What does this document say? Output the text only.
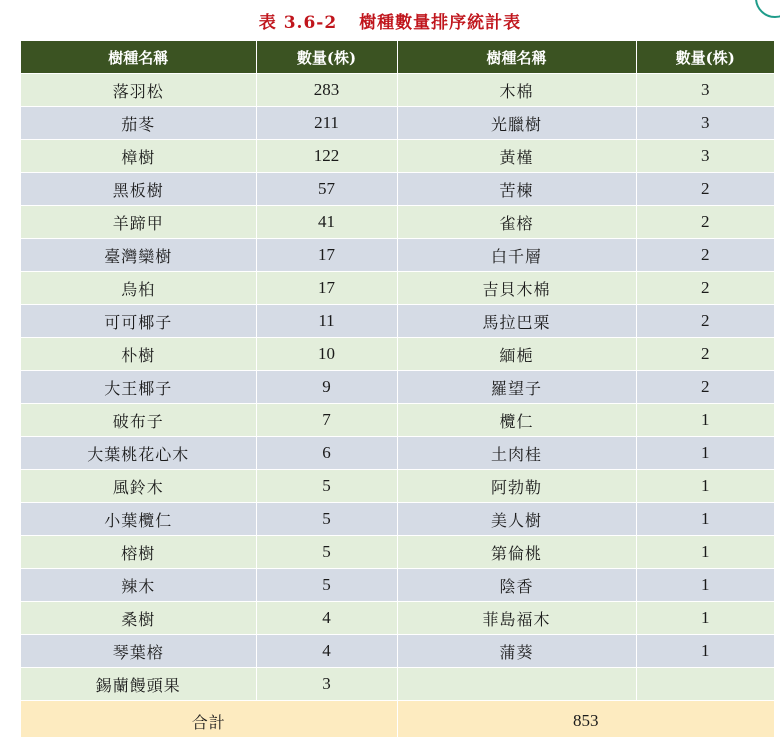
表 3.6-2 樹種數量排序統計表
樹種名稱	數量(株)	樹種名稱	數量(株)
落羽松	283	木棉	3
茄苳	211	光臘樹	3
樟樹	122	黃槿	3
黑板樹	57	苦楝	2
羊蹄甲	41	雀榕	2
臺灣欒樹	17	白千層	2
烏桕	17	吉貝木棉	2
可可椰子	11	馬拉巴栗	2
朴樹	10	緬梔	2
大王椰子	9	羅望子	2
破布子	7	欖仁	1
大葉桃花心木	6	土肉桂	1
風鈴木	5	阿勃勒	1
小葉欖仁	5	美人樹	1
榕樹	5	第倫桃	1
辣木	5	陰香	1
桑樹	4	菲島福木	1
琴葉榕	4	蒲葵	1
錫蘭饅頭果	3		
合計		853	
